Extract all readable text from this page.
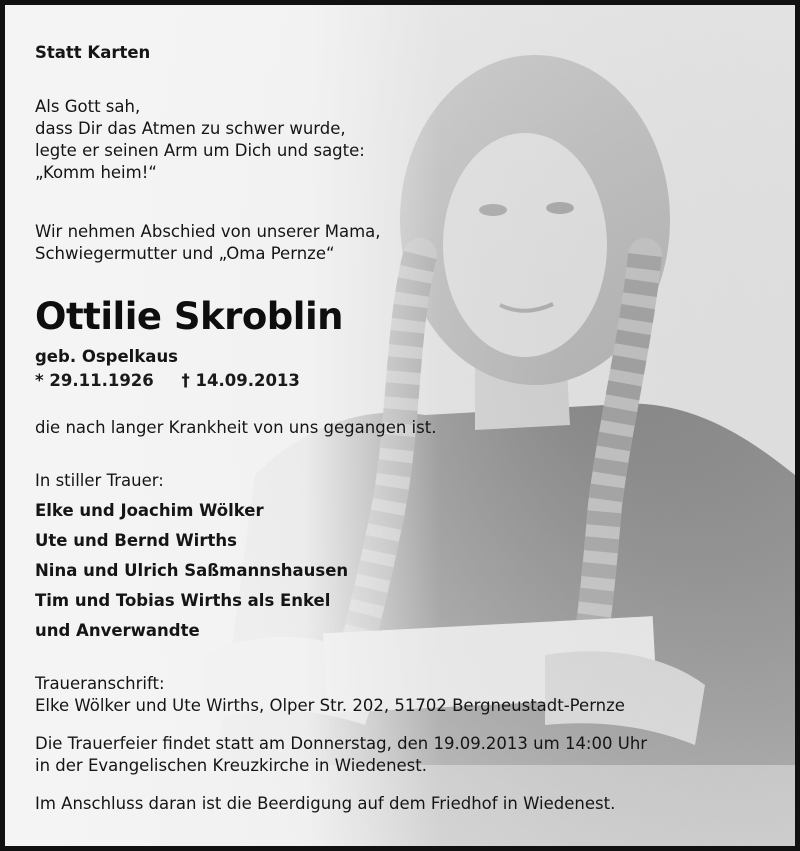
Statt Karten
Als Gott sah,
dass Dir das Atmen zu schwer wurde,
legte er seinen Arm um Dich und sagte:
„Komm heim!“
Wir nehmen Abschied von unserer Mama,
Schwiegermutter und „Oma Pernze“
Ottilie Skroblin
geb. Ospelkaus
* 29.11.1926 † 14.09.2013
die nach langer Krankheit von uns gegangen ist.
In stiller Trauer:
Elke und Joachim Wölker
Ute und Bernd Wirths
Nina und Ulrich Saßmannshausen
Tim und Tobias Wirths als Enkel
und Anverwandte
Traueranschrift:
Elke Wölker und Ute Wirths, Olper Str. 202, 51702 Bergneustadt-Pernze
Die Trauerfeier findet statt am Donnerstag, den 19.09.2013 um 14:00 Uhr
in der Evangelischen Kreuzkirche in Wiedenest.
Im Anschluss daran ist die Beerdigung auf dem Friedhof in Wiedenest.
